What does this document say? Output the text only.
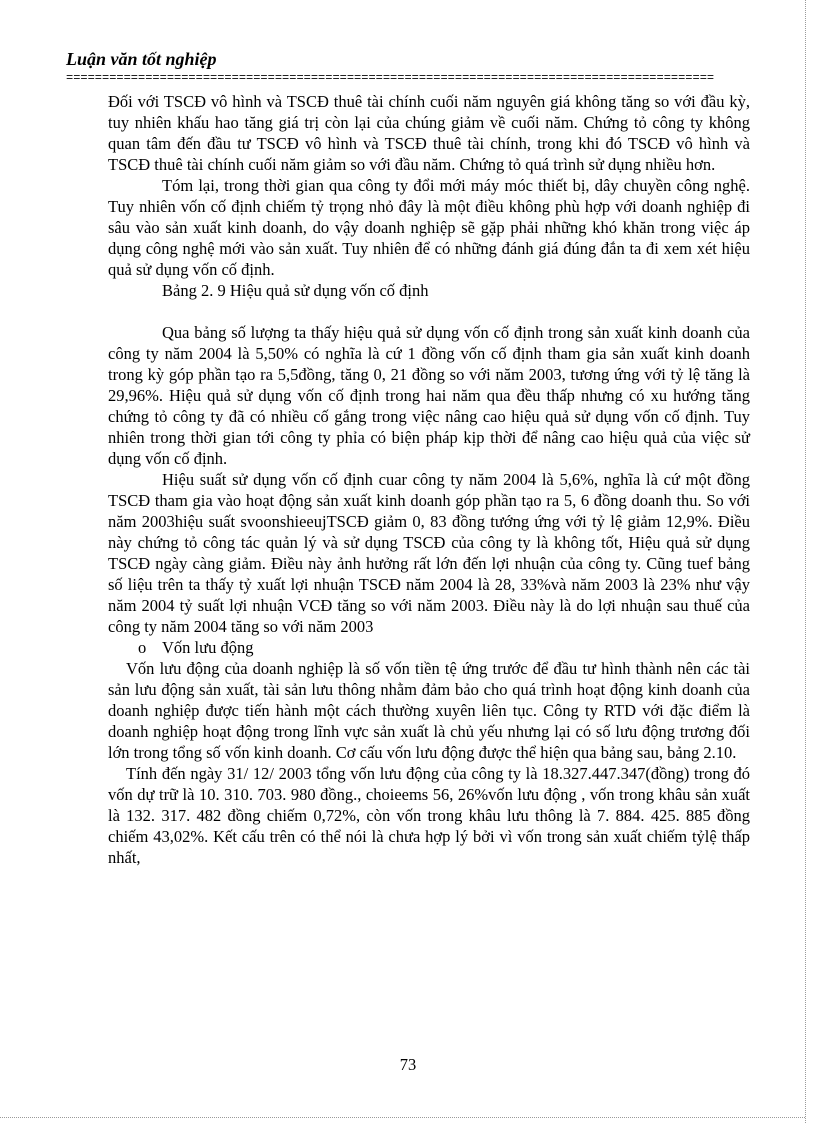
Luận văn tốt nghiệp
==========================================================================================

Đối với TSCĐ vô hình và TSCĐ thuê tài chính cuối năm nguyên giá không tăng so với đầu kỳ, tuy nhiên khấu hao tăng giá trị còn lại của chúng giảm về cuối năm. Chứng tỏ công ty không quan tâm đến đầu tư TSCĐ vô hình và TSCĐ thuê tài chính, trong khi đó TSCĐ vô hình và TSCĐ thuê tài chính cuối năm giảm so với đầu năm. Chứng tỏ quá trình sử dụng nhiều hơn.

Tóm lại, trong thời gian qua công ty đổi mới máy móc thiết bị, dây chuyền công nghệ. Tuy nhiên vốn cố định chiếm tỷ trọng nhỏ đây là một điều không phù hợp với doanh nghiệp đi sâu vào sản xuất kinh doanh, do vậy doanh nghiệp sẽ gặp phải những khó khăn trong việc áp dụng công nghệ mới vào sản xuất. Tuy nhiên để có những đánh giá đúng đắn ta đi xem xét hiệu quả sử dụng vốn cố định.

Bảng 2. 9 Hiệu quả sử dụng vốn cố định

Qua bảng số lượng ta thấy hiệu quả sử dụng vốn cố định trong sản xuất kinh doanh của công ty năm 2004 là 5,50% có nghĩa là cứ 1 đồng vốn cố định tham gia sản xuất kinh doanh trong kỳ góp phần tạo ra 5,5đồng, tăng 0, 21 đồng so với năm 2003, tương ứng với tỷ lệ tăng là 29,96%. Hiệu quả sử dụng vốn cố định trong hai năm qua đều thấp nhưng có xu hướng tăng chứng tỏ công ty đã có nhiều cố gắng trong việc nâng cao hiệu quả sử dụng vốn cố định. Tuy nhiên trong thời gian tới công ty phỉa có biện pháp kịp thời để nâng cao hiệu quả của việc sử dụng vốn cố định.

Hiệu suất sử dụng vốn cố định cuar công ty năm 2004 là 5,6%, nghĩa là cứ một đồng TSCĐ tham gia vào hoạt động sản xuất kinh doanh góp phần tạo ra 5, 6 đồng doanh thu. So với năm 2003hiệu suất svoonshieeujTSCĐ giảm 0, 83 đồng tướng ứng với tỷ lệ giảm 12,9%. Điều này chứng tỏ công tác quản lý và sử dụng TSCĐ của công ty là không tốt, Hiệu quả sử dụng TSCĐ ngày càng giảm. Điều này ảnh hưởng rất lớn đến lợi nhuận của công ty. Cũng tuef bảng số liệu trên ta thấy tỷ xuất lợi nhuận TSCĐ năm 2004 là 28, 33%và năm 2003 là 23% như vậy năm 2004 tỷ suất lợi nhuận VCĐ tăng so với năm 2003. Điều này là do lợi nhuận sau thuế của công ty năm 2004 tăng so với năm 2003

o Vốn lưu động

Vốn lưu động của doanh nghiệp là số vốn tiền tệ ứng trước để đầu tư hình thành nên các tài sản lưu động sản xuất, tài sản lưu thông nhằm đảm bảo cho quá trình hoạt động kinh doanh của doanh nghiệp được tiến hành một cách thường xuyên liên tục. Công ty RTD với đặc điểm là doanh nghiệp hoạt động trong lĩnh vực sản xuất là chủ yếu nhưng lại có số lưu động trương đối lớn trong tổng số vốn kinh doanh. Cơ cấu vốn lưu động được thể hiện qua bảng sau, bảng 2.10.

Tính đến ngày 31/ 12/ 2003 tổng vốn lưu động của công ty là 18.327.447.347(đồng) trong đó vốn dự trữ là 10. 310. 703. 980 đồng., choieems 56, 26%vốn lưu động , vốn trong khâu sản xuất là 132. 317. 482 đồng chiếm 0,72%, còn vốn trong khâu lưu thông là 7. 884. 425. 885 đồng chiếm 43,02%. Kết cấu trên có thể nói là chưa hợp lý bởi vì vốn trong sản xuất chiếm tỷlệ thấp nhất,

73
